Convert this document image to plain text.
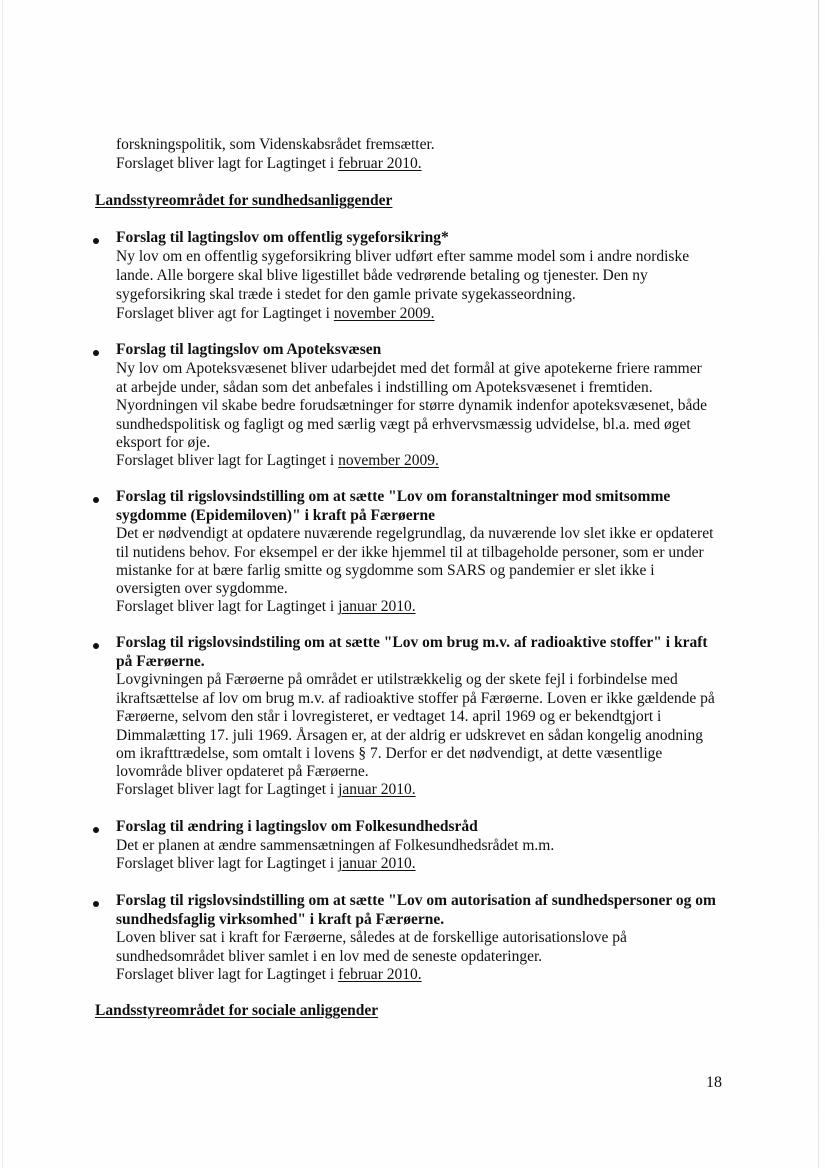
forskningspolitik, som Videnskabsrådet fremsætter.
Forslaget bliver lagt for Lagtinget i februar 2010.
Landsstyreområdet for sundhedsanliggender
Forslag til lagtingslov om offentlig sygeforsikring*
Ny lov om en offentlig sygeforsikring bliver udført efter samme model som i andre nordiske
lande. Alle borgere skal blive ligestillet både vedrørende betaling og tjenester. Den ny
sygeforsikring skal træde i stedet for den gamle private sygekasseordning.
Forslaget bliver agt for Lagtinget i november 2009.
Forslag til lagtingslov om Apoteksvæsen
Ny lov om Apoteksvæsenet bliver udarbejdet med det formål at give apotekerne friere rammer
at arbejde under, sådan som det anbefales i indstilling om Apoteksvæsenet i fremtiden.
Nyordningen vil skabe bedre forudsætninger for større dynamik indenfor apoteksvæsenet, både
sundhedspolitisk og fagligt og med særlig vægt på erhvervsmæssig udvidelse, bl.a. med øget
eksport for øje.
Forslaget bliver lagt for Lagtinget i november 2009.
Forslag til rigslovsindstilling om at sætte "Lov om foranstaltninger mod smitsomme
sygdomme (Epidemiloven)" i kraft på Færøerne
Det er nødvendigt at opdatere nuværende regelgrundlag, da nuværende lov slet ikke er opdateret
til nutidens behov. For eksempel er der ikke hjemmel til at tilbageholde personer, som er under
mistanke for at bære farlig smitte og sygdomme som SARS og pandemier er slet ikke i
oversigten over sygdomme.
Forslaget bliver lagt for Lagtinget i januar 2010.
Forslag til rigslovsindstiling om at sætte "Lov om brug m.v. af radioaktive stoffer" i kraft
på Færøerne.
Lovgivningen på Færøerne på området er utilstrækkelig og der skete fejl i forbindelse med
ikraftsættelse af lov om brug m.v. af radioaktive stoffer på Færøerne. Loven er ikke gældende på
Færøerne, selvom den står i lovregisteret, er vedtaget 14. april 1969 og er bekendtgjort i
Dimmalætting 17. juli 1969. Årsagen er, at der aldrig er udskrevet en sådan kongelig anodning
om ikrafttrædelse, som omtalt i lovens § 7. Derfor er det nødvendigt, at dette væsentlige
lovområde bliver opdateret på Færøerne.
Forslaget bliver lagt for Lagtinget i januar 2010.
Forslag til ændring i lagtingslov om Folkesundhedsråd
Det er planen at ændre sammensætningen af Folkesundhedsrådet m.m.
Forslaget bliver lagt for Lagtinget i januar 2010.
Forslag til rigslovsindstilling om at sætte "Lov om autorisation af sundhedspersoner og om
sundhedsfaglig virksomhed" i kraft på Færøerne.
Loven bliver sat i kraft for Færøerne, således at de forskellige autorisationslove på
sundhedsområdet bliver samlet i en lov med de seneste opdateringer.
Forslaget bliver lagt for Lagtinget i februar 2010.
Landsstyreområdet for sociale anliggender
18
